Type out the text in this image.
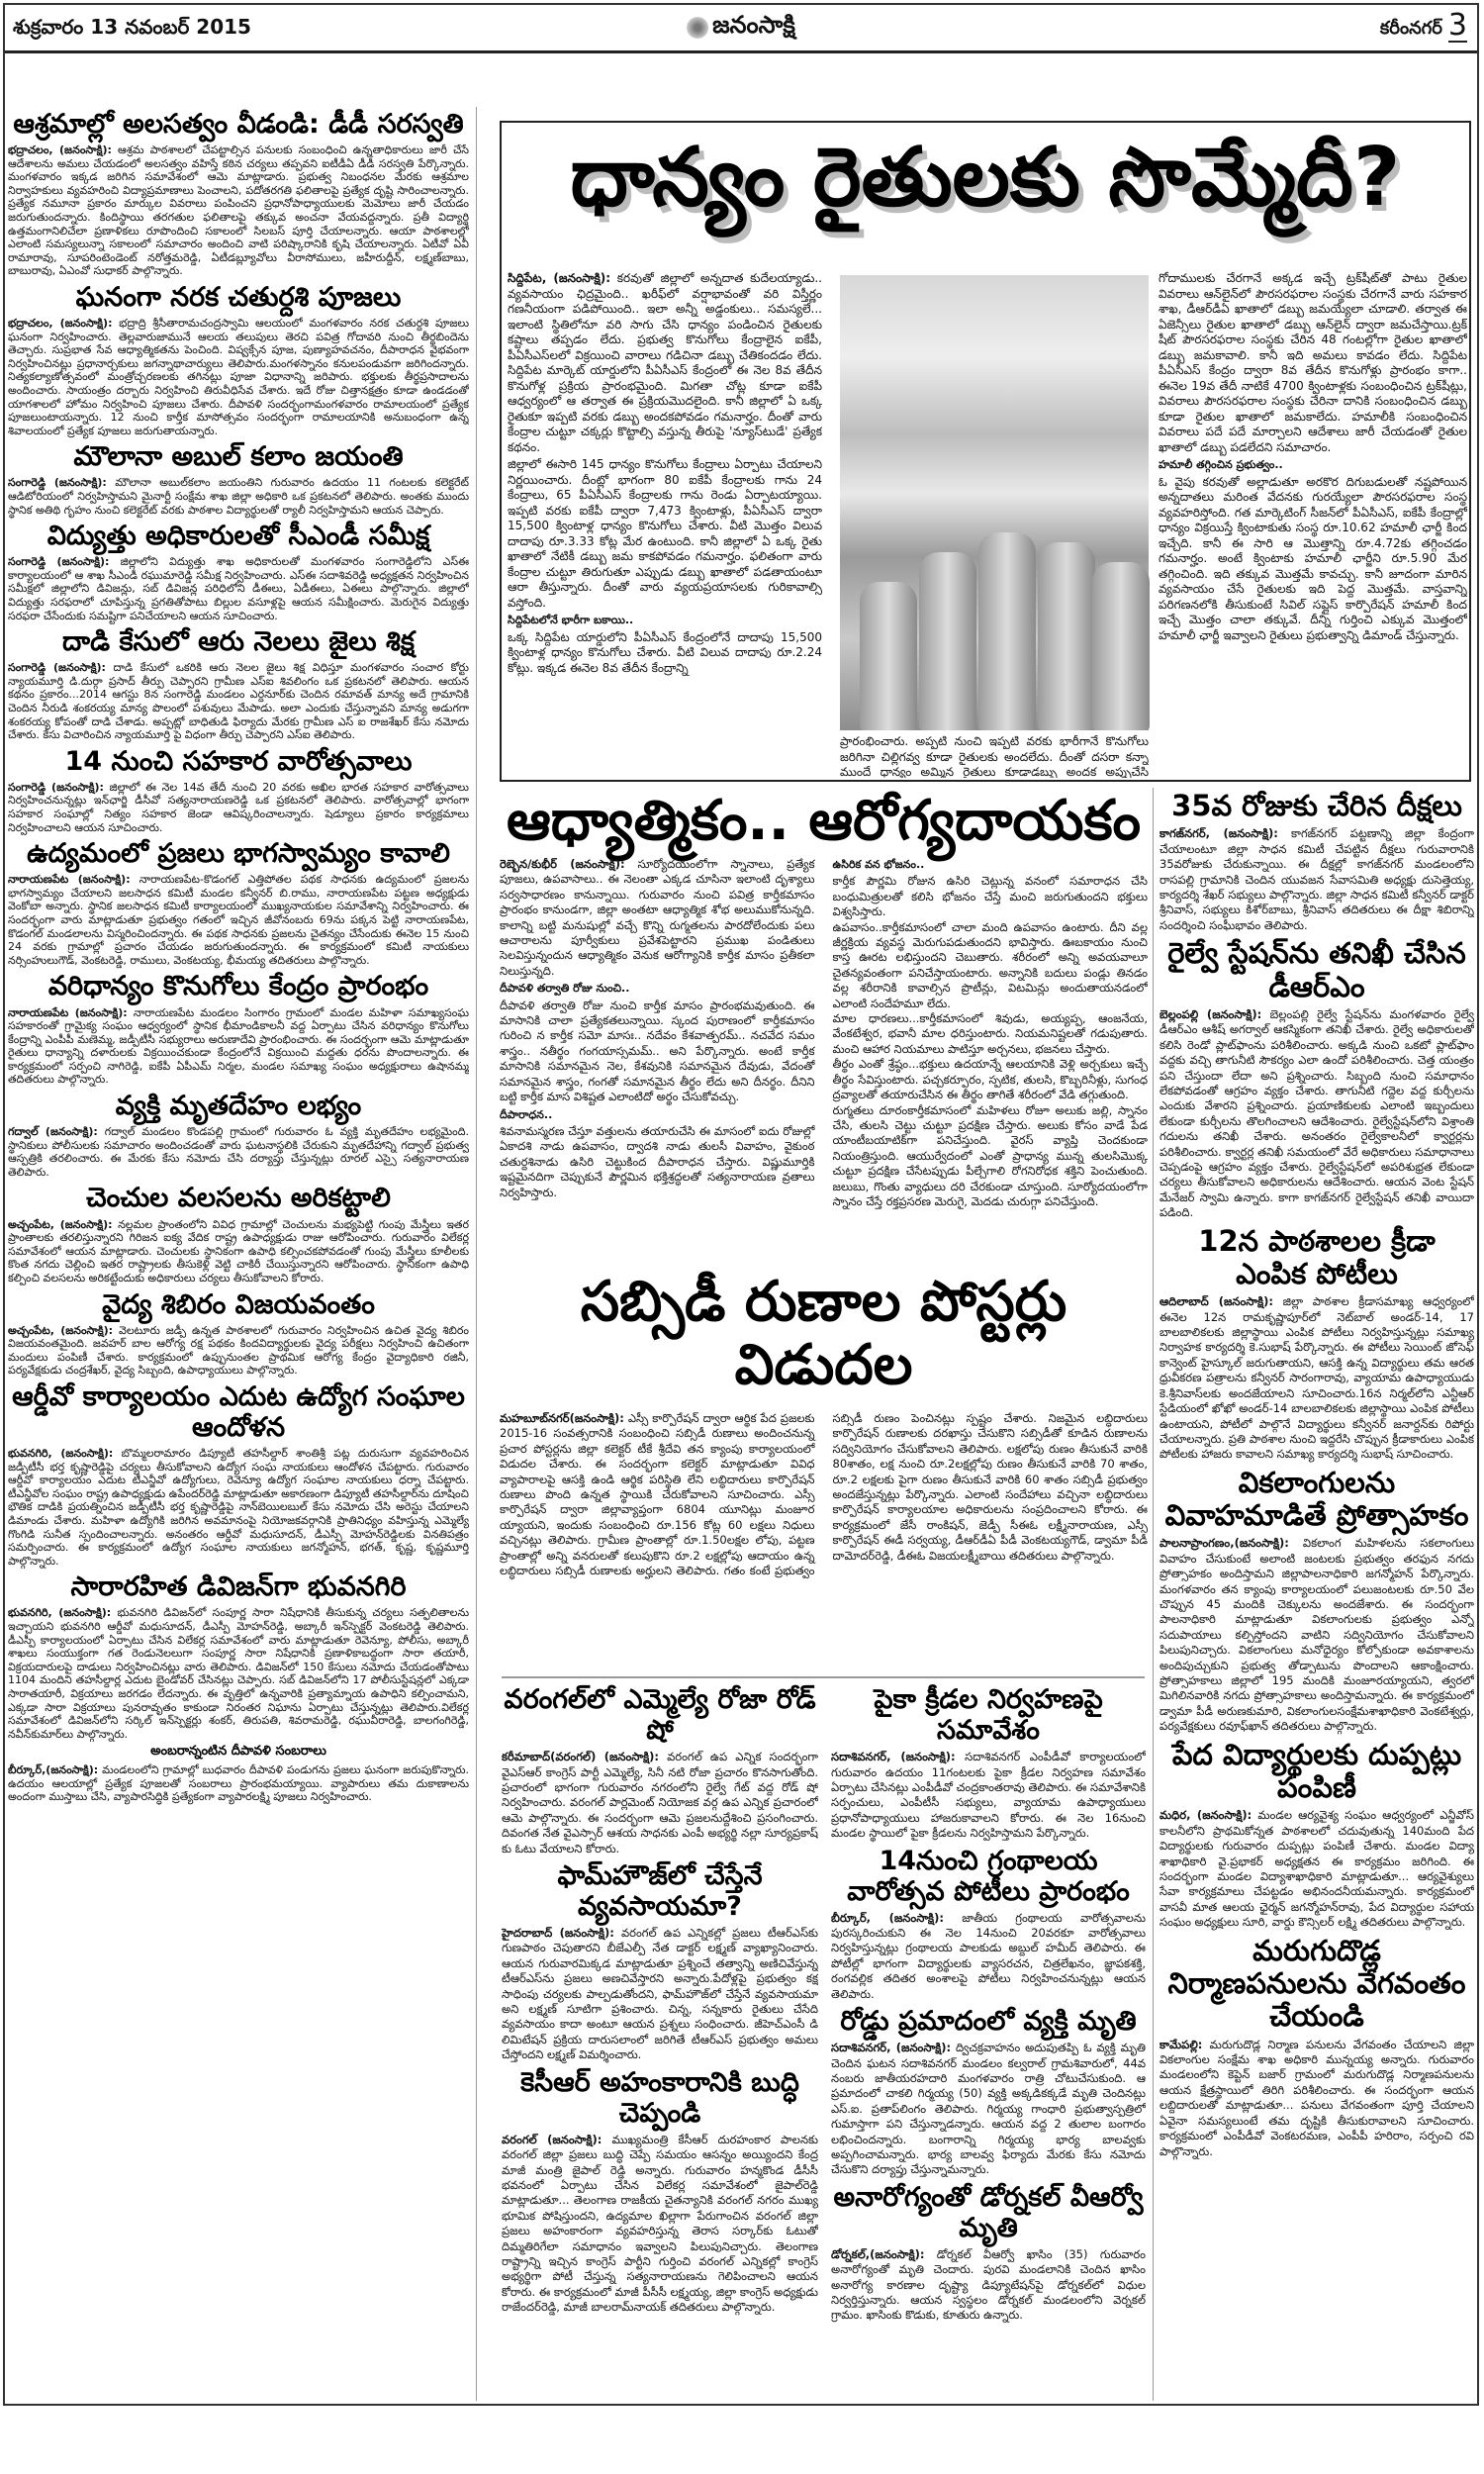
శుక్రవారం 13 నవంబర్ 2015	జనంసాక్షి	కరీంనగర్ 3
ఆశ్రమాల్లో అలసత్వం వీడండి: డీడీ సరస్వతి

భద్రాచలం, (జనంసాక్షి): ఆశ్రమ పాఠశాలలో చేపట్టాల్సిన పనులకు సంబంధించి ఉన్నతాధికారులు జారీ చేసే ఆదేశాలను అమలు చేయడంలో అలసత్వం వహిస్తే కఠిన చర్యలు తప్పవని ఐటీడీఏ డీడీ సరస్వతి పేర్కొన్నారు. మంగళవారం ఇక్కడ జరిగిన సమావేశంలో ఆమె మాట్లాడారు. ప్రభుత్వ నిబంధనల మేరకు ఆశ్రమాల నిర్వాహకులు వ్యవహరించి విద్యాప్రమాణాలు పెంచాలని, పదోతరగతి ఫలితాలపై ప్రత్యేక దృష్టి సారించాలన్నారు. ప్రత్యేక నమూనా ప్రకారం మార్కుల వివరాలు పంపించని ప్రధానోపాధ్యాయులకు మెమోలు జారీ చేయడం జరుగుతుందన్నారు. కిందిస్థాయి తరగతుల ఫలితాలపై తక్కువ అంచనా వేయవద్దన్నారు. ప్రతీ విద్యార్థి ఉత్తమంగానిలిచేలా ప్రణాళికలు రూపొందించి సకాలంలో సిలబస్ పూర్తి చేయాలన్నారు. ఆయా పాఠశాలల్లో ఎలాంటి సమస్యలున్నా సకాలంలో సమాచారం అందించి వాటి పరిష్కారానికి కృషి చేయాలన్నారు. ఏటీవో ఏవీ రామారావు, సూపరింటెండెంట్ నరోత్తమరెడ్డి, ఏటీడబ్ల్యూవోలు వీరాసోములు, జహీరుద్దీన్, లక్ష్మణ్‌బాబు, బాబురావు, ఏఎంవో సుధాకర్ పాల్గొన్నారు.

ఘనంగా నరక చతుర్దశి పూజలు

భద్రాచలం, (జనంసాక్షి): భద్రాద్రి శ్రీసీతారామచంద్రస్వామి ఆలయంలో మంగళవారం నరక చతుర్దశి పూజలు ఘనంగా నిర్వహించారు. తెల్లవారుజామునే ఆలయ తలుపులు తెరచి పవిత్ర గోదావరి నుంచి తీర్థబిందెను తెచ్చారు. సుప్రభాత సేవ ఆధ్యాత్మికతను పెంచింది. విష్వక్సేన పూజ, పుణ్యాహవచనం, దీపారాధన వైభవంగా నిర్వహించినట్లు ప్రధానార్చకులు జగన్నాథాచార్యులు తెలిపారు.మంగళస్నానం కనులపండువగా జరిగిందన్నారు. నిత్యకల్యాణోత్సవంలో మంత్రోచ్చరణలకు తగినట్లు పూజా విధానాన్ని జరిపారు. భక్తులకు తీర్థప్రసాదాలను అందించారు. సాయంత్రం దర్బారు నిర్వహించి తిరువీధిసేవ చేశారు. ఇదే రోజు చిత్తానక్షత్రం కూడా ఉండడంతో యాగశాలలో హోమం నిర్వహించి పూజలు చేశారు. దీపావళి సందర్భంగామంగళవారం రామాలయంలో ప్రత్యేక పూజలుంటాయన్నారు. 12 నుంచి కార్తీక మాసోత్సవం సందర్భంగా రామాలయానికి అనుబంధంగా ఉన్న శివాలయంలో ప్రత్యేక పూజలు జరుగుతాయన్నారు.

మౌలానా అబుల్ కలాం జయంతి

సంగారెడ్డి (జనంసాక్షి): మౌలానా అబుల్‌కలాం జయంతిని గురువారం ఉదయం 11 గంటలకు కలెక్టరేట్ ఆడిటోరియంలో నిర్వహిస్తామని మైనార్టీ సంక్షేమ శాఖ జిల్లా అధికారి ఒక ప్రకటనలో తెలిపారు. అంతకు ముందు స్థానిక అతిథి గృహం నుంచి కలెక్టరేట్ వరకు పాఠశాల విద్యార్థులతో ర్యాలీ నిర్వహిస్తామని ఆయన చెప్పారు.

విద్యుత్తు అధికారులతో సీఎండీ సమీక్ష

సంగారెడ్డి (జనంసాక్షి): జిల్లాలోని విద్యుత్తు శాఖ అధికారులతో మంగళవారం సంగారెడ్డిలోని ఎస్‌ఈ కార్యాలయంలో ఆ శాఖ సీఎండీ రఘుమారెడ్డి సమీక్ష నిర్వహించారు. ఎస్‌ఈ సదాశివరెడ్డి అధ్యక్షతన నిర్వహించిన సమీక్షలో జిల్లాలోని డివిజన్లు, సబ్ డివిజన్ల పరిధిలోని డీఈలు, ఏడీఈలు, ఏఈలు పాల్గొన్నారు. జిల్లాలో విద్యుత్తు సరఫరాలో చూపిస్తున్న ప్రగతితోపాటు బిల్లుల వసూళ్లపై ఆయన సమీక్షించారు. మెరుగైన విద్యుత్తు సరఫరా చేసేందుకు సమష్టిగా పనిచేయాలని ఆయన సూచించారు.

దాడి కేసులో ఆరు నెలలు జైలు శిక్ష

సంగారెడ్డి (జనంసాక్షి): దాడి కేసులో ఒకరికి ఆరు నెలల జైలు శిక్ష విధిస్తూ మంగళవారం సంచార కోర్టు న్యాయమూర్తి డి.దుర్గా ప్రసాద్ తీర్పు చెప్పారని గ్రామీణ ఎస్ఐ శివలింగం ఒక ప్రకటనలో తెలిపారు. ఆయన కథనం ప్రకారం...2014 ఆగస్టు 8న సంగారెడ్డి మండలం ఎర్దనూర్‌కు చెందిన రమావత్ మాన్య అదే గ్రామానికి చెందిన నీరుడి శంకరయ్య మాన్య పొలంలో పశువులు మేపాడు. అలా ఎందుకు చేస్తున్నావని మాన్య అడుగగా శంకరయ్య కోపంతో దాడి చేశాడు. అప్పట్లో బాధితుడి ఫిర్యాదు మేరకు గ్రామీణ ఎస్ ఐ రాజశేఖర్ కేసు నమోదు చేశారు. కేసు విచారించిన న్యాయమూర్తి పై విధంగా తీర్పు చెప్పారని ఎస్ఐ తెలిపారు.

14 నుంచి సహకార వారోత్సవాలు

సంగారెడ్డి (జనంసాక్షి): జిల్లాలో ఈ నెల 14వ తేదీ నుంచి 20 వరకు అఖిల భారత సహకార వారోత్సవాలు నిర్వహించనున్నట్లు ఇన్‌ఛార్జి డీసీవో సత్యనారాయణరెడ్డి ఒక ప్రకటనలో తెలిపారు. వారోత్సవాల్లో భాగంగా సహకార సంఘాల్లో నిత్యం సహకార జెండా ఆవిష్కరించాలన్నారు. షెడ్యూలు ప్రకారం కార్యక్రమాలు నిర్వహించాలని ఆయన సూచించారు.

ఉద్యమంలో ప్రజలు భాగస్వామ్యం కావాలి

నారాయణపేట (జనంసాక్షి): నారాయణపేట-కొడంగల్ ఎత్తిపోతల పథక సాధనకు ఉద్యమంలో ప్రజలను భాగస్వామ్యం చేయాలని జలసాధన కమిటీ మండల కన్వీనర్ బి.రాము, నారాయణపేట పట్టణ అధ్యక్షుడు వెంకోబా అన్నారు. స్థానిక జలసాధన కమిటీ కార్యాలయంలో ముఖ్యనాయకుల సమావేశాన్ని నిర్వహించారు. ఈ సందర్భంగా వారు మాట్లాడుతూ ప్రభుత్వం గతంలో ఇచ్చిన జీవోనంబరు 69ను పక్కన పెట్టి నారాయణపేట, కొడంగల్ మండలాలను విస్మరించిందన్నారు. ఈ పథక సాధనకు ప్రజలను చైతన్యం చేసేందుకు ఈనెల 15 నుంచి 24 వరకు గ్రామాల్లో ప్రచారం చేయడం జరుగుతుందన్నారు. ఈ కార్యక్రమంలో కమిటీ నాయకులు నర్సింహులుగౌడ్, వెంకటరెడ్డి, రాములు, వెంకటయ్య, భీమయ్య తదితరులు పాల్గొన్నారు.

వరిధాన్యం కొనుగోలు కేంద్రం ప్రారంభం

నారాయణపేట (జనంసాక్షి): నారాయణపేట మండలం సింగారం గ్రామంలో మండల మహిళా సమాఖ్యసంఘ సహకారంతో గ్రామైక్య సంఘం ఆధ్వర్యంలో స్థానిక భీమాండికాలనీ వద్ద ఏర్పాటు చేసిన వరిధాన్యం కొనుగోలు కేంద్రాన్ని ఎంపీపీ మణెమ్మ, జడ్పీటీసీ సభ్యురాలు అరుణాదేవి ప్రారంభించారు. ఈ సందర్భంగా ఆమె మాట్లాడుతూ రైతులు ధాన్యాన్ని దళారులకు విక్రయించకుండా కేంద్రంలోనే విక్రయించి మద్దతు ధరను పొందాలన్నారు. ఈ కార్యక్రమంలో సర్పంచి నాగిరెడ్డి, ఐకేపీ ఏపీఎమ్ నిర్మల, మండల సమాఖ్య సంఘం అధ్యక్షురాలు ఉషానమ్మ తదితరులు పాల్గొన్నారు.

వ్యక్తి మృతదేహం లభ్యం

గద్వాల్ (జనంసాక్షి): గద్వాల్ మండలం కొండపల్లి గ్రామంలో గురువారం ఓ వ్యక్తి మృతదేహం లభ్యమైంది. స్థానికులు పోలీసులకు సమాచారం అందించడంతో వారు ఘటనాస్థలికి చేరుకుని మృతదేహాన్ని గద్వాల్ ప్రభుత్వ ఆస్పత్రికి తరలించారు. ఈ మేరకు కేసు నమోదు చేసి దర్యాప్తు చేస్తున్నట్లు రూరల్ ఎస్సై సత్యనారాయణ తెలిపారు.

చెంచుల వలసలను అరికట్టాలి

అచ్చంపేట, (జనంసాక్షి): నల్లమల ప్రాంతంలోని వివిధ గ్రామాల్లో చెంచులను మభ్యపెట్టి గుంపు మేస్త్రీలు ఇతర ప్రాంతాలకు తరలిస్తున్నారని గిరిజన ఐక్య వేదిక రాష్ట్ర ఉపాధ్యక్షుడు రాజు ఆరోపించారు. గురువారం విలేకర్ల సమావేశంలో ఆయన మాట్లాడారు. చెంచులకు స్థానికంగా ఉపాధి కల్పించకపోవడంతో గుంపు మేస్త్రీలు కూలీలకు కొంత నగదు చెల్లించి ఇతర రాష్ట్రాలకు తీసుకెళ్లి వెట్టి చాకిరీ చేయిస్తున్నారని ఆరోపించారు. స్థానికంగా ఉపాధి కల్పించి వలసలను అరికట్టేందుకు అధికారులు చర్యలు తీసుకోవాలని కోరారు.

వైద్య శిబిరం విజయవంతం

అచ్చంపేట, (జనంసాక్షి): వెలటూరు జడ్పీ ఉన్నత పాఠశాలలో గురువారం నిర్వహించిన ఉచిత వైద్య శిబిరం విజయవంతమైంది. జవహర్ బాల ఆరోగ్య రక్ష పథకం కిందవిద్యార్థులకు వైద్య పరీక్షలు నిర్వహించి ఉచితంగా మందులు పంపిణీ చేశారు. కార్యక్రమంలో ఉప్పునుంతల ప్రాథమిక ఆరోగ్య కేంద్రం వైద్యాధికారి రజినీ, పర్యవేక్షకుడు చంద్రశేఖర్, వైద్య సిబ్బంది, ఉపాధ్యాయులు పాల్గొన్నారు.

ఆర్డీవో కార్యాలయం ఎదుట ఉద్యోగ సంఘాల ఆందోళన

భువనగిరి, (జనంసాక్షి): బొమ్మలరామారం డిప్యూటీ తహసీల్దార్ శాంతిశ్రీ పట్ల దురుసుగా వ్యవహరించిన జడ్పీటీసీ భర్త కృష్ణారెడ్డిపై చర్యలు తీసుకోవాలని ఉద్యోగ సంఘ నాయకులు ఆందోళన చేపట్టారు. గురువారం ఆర్డీవో కార్యాలయం ఎదుట టీఎన్జీవో ఉద్యోగులు, రెవెన్యూ ఉద్యోగ సంఘాల నాయకులు ధర్నా చేపట్టారు. టీఎన్జీవోల సంఘం రాష్ట్ర ఉపాధ్యక్షుడు ఉపేందర్‌రెడ్డి మాట్లాడుతూ అకారణంగా డిప్యూటీ తహసీల్దార్‌ను దూషించి భౌతిక దాడికి ప్రయత్నించిన జడ్పీటీసీ భర్త కృష్ణారెడ్డిపై నాన్‌బెయిలబుల్ కేసు నమోదు చేసి అరెస్టు చేయాలని డిమాండు చేశారు. మహిళా ఉద్యోగికి జరిగిన అవమానంపై నియోజకవర్గానికి ప్రాతినిధ్యం వహిస్తున్న ఎమ్మెల్యే గొంగిడి సునీత స్పందించాలన్నారు. అనంతరం ఆర్డీవో మధుసూదన్, డీఎస్పీ మోహన్‌రెడ్డిలకు వినతిపత్రం సమర్పించారు. ఈ కార్యక్రమంలో ఉద్యోగ సంఘాల నాయకులు జగన్మోహన్, భగత్, కృష్ణ, కృష్ణమూర్తి పాల్గొన్నారు.

సారారహిత డివిజన్‌గా భువనగిరి

భువనగిరి, (జనంసాక్షి): భువనగిరి డివిజన్‌లో సంపూర్ణ సారా నిషేధానికి తీసుకున్న చర్యలు సత్ఫలితాలను ఇచ్చాయని భువనగిరి ఆర్డీవో మధుసూదన్, డీఎస్పీ మోహన్‌రెడ్డి, అబ్కారీ ఇన్‌స్పెక్టర్ వెంకటరెడ్డి తెలిపారు. డీఎస్పీ కార్యాలయంలో ఏర్పాటు చేసిన విలేకర్ల సమావేశంలో వారు మాట్లాడుతూ రెవెన్యూ, పోలీసు, అబ్కారీ శాఖలు సంయుక్తంగా గత రెండునెలలుగా సంపూర్ణ సారా నిషేధానికి ప్రణాళికాబద్ధంగా సారా తయారీ, విక్రయదారులపై దాడులు నిర్వహించినట్లు వారు తెలిపారు. డివిజన్‌లో 150 కేసులు నమోదు చేయడంతోపాటు 1104 మందిని తహసీల్దార్ల ఎదుట బైండోవర్ చేసినట్లు చెప్పారు. సబ్ డివిజన్‌లోని 17 పోలీసుస్టేషన్లలో ఎక్కడా సారాతయారీ, విక్రయాలు జరగడం లేదన్నారు. ఈ వృత్తిలో ఉన్నవారికి ప్రత్యామ్నాయ ఉపాధిని కల్పించామని, ఎక్కడా సారా విక్రయాలు పునరావృతం కాకుండా నిరంతర నిఘాను ఏర్పాటు చేస్తున్నట్లు తెలిపారు.విలేకర్ల సమావేశంలో డివిజన్‌లోని సర్కిల్ ఇన్‌స్పెక్టర్లు శంకర్, తిరుపతి, శివరామరెడ్డి, రఘువీరారెడ్డి, బాలగంగిరెడ్డి, నవీన్‌కుమార్‌లు పాల్గొన్నారు.

అంబరాన్నంటిన దీపావళి సంబరాలు

బీర్కూర్,(జనంసాక్షి): మండలంలోని గ్రామాల్లో బుధవారం దీపావళి పండుగను ప్రజలు ఘనంగా జరుపుకొన్నారు. ఉదయం ఆలయాల్లో ప్రత్యేక పూజలతో సంబరాలు ప్రారంభమయ్యాయి. వ్యాపారులు తమ దుకాణాలను అందంగా ముస్తాబు చేసి, వ్యాపారసిద్ధికి ప్రత్యేకంగా వ్యాపారలక్ష్మి పూజలు నిర్వహించారు.

ధాన్యం రైతులకు సొమ్మేదీ?

సిద్దిపేట, (జనంసాక్షి): కరవుతో జిల్లాలో అన్నదాత కుదేలయ్యాడు.. వ్యవసాయం ఛిద్రమైంది.. ఖరీఫ్‌లో వర్షాభావంతో వరి విస్తీర్ణం గణనీయంగా పడిపోయింది.. ఇలా అన్నీ అడ్డంకులు.. సమస్యలే... ఇలాంటి స్థితిలోనూ వరి సాగు చేసి ధాన్యం పండించిన రైతులకు కష్టాలు తప్పడం లేదు. ప్రభుత్వ కొనుగోలు కేంద్రాలైన ఐకేపీ, పీఏసీఎస్‌లలో విక్రయించి వారాలు గడిచినా డబ్బు చేతికందడం లేదు. సిద్దిపేట మార్కెట్ యార్డులోని పీఏసీఎస్ కేంద్రంలో ఈ నెల 8వ తేదీన కొనుగోళ్ల ప్రక్రియ ప్రారంభమైంది. మిగతా చోట్ల కూడా ఐకేపీ ఆధ్వర్యంలో ఆ తర్వాత ఈ ప్రక్రియమొదలైంది. కానీ జిల్లాలో ఏ ఒక్క రైతుకూ ఇప్పటి వరకు డబ్బు అందకపోవడం గమనార్హం. దీంతో వారు కేంద్రాల చుట్టూ చక్కర్లు కొట్టాల్సి వస్తున్న తీరుపై 'న్యూస్‌టుడే' ప్రత్యేక కథనం.

జిల్లాలో ఈసారి 145 ధాన్యం కొనుగోలు కేంద్రాలు ఏర్పాటు చేయాలని నిర్ణయించారు. దీంట్లో భాగంగా 80 ఐకేపీ కేంద్రాలకు గాను 24 కేంద్రాలు, 65 పీఏసీఎస్ కేంద్రాలకు గాను రెండు ఏర్పాటయ్యాయి. ఇప్పటి వరకు ఐకేపీ ద్వారా 7,473 క్వింటాళ్లు, పీఏసీఎస్ ద్వారా 15,500 క్వింటాళ్ల ధాన్యం కొనుగోలు చేశారు. వీటి మొత్తం విలువ దాదాపు రూ.3.33 కోట్ల మేర ఉంటుంది. కానీ జిల్లాలో ఏ ఒక్క రైతు ఖాతాలో నేటికీ డబ్బు జమ కాకపోవడం గమనార్హం. ఫలితంగా వారు కేంద్రాల చుట్టూ తిరుగుతూ ఎప్పుడు డబ్బు ఖాతాలో పడతాయంటూ ఆరా తీస్తున్నారు. దీంతో వారు వ్యయప్రయాసలకు గురికావాల్సి వస్తోంది.

సిద్దిపేటలోనే భారీగా బకాయి..

ఒక్క సిద్దిపేట యార్డులోని పీఏసీఎస్ కేంద్రంలోనే దాదాపు 15,500 క్వింటాళ్ల ధాన్యం కొనుగోలు చేశారు. వీటి విలువ దాదాపు రూ.2.24 కోట్లు. ఇక్కడ ఈనెల 8వ తేదీన కేంద్రాన్ని

ప్రారంభించారు. అప్పటి నుంచి ఇప్పటి వరకు భారీగానే కొనుగోలు జరిగినా చిల్లిగవ్వ కూడా రైతులకు అందలేదు. దీంతో దసరా కన్నా ముందే ధాన్యం అమ్మిన రైతులు కూడాడబ్బు అందక అప్పుచేసి

గోదాములకు చేరగానే అక్కడ ఇచ్చే ట్రక్‌షీట్‌తో పాటు రైతుల వివరాలు ఆన్‌లైన్‌లో పౌరసరఫరాల సంస్థకు చేరగానే వారు సహకార శాఖ, డీఆర్‌డీఏ ఖాతాలో డబ్బు జమయ్యేలా చూడాలి. తర్వాత ఈ ఏజెన్సీలు రైతుల ఖాతాలో డబ్బు ఆన్‌లైన్ ద్వారా జమచేస్తాయి.ట్రక్ షీట్ పౌరసరఫరాల సంస్థకు చేరిన 48 గంటల్లోగా రైతుల ఖాతాలో డబ్బు జమకావాలి. కానీ ఇది అమలు కావడం లేదు. సిద్దిపేట పీఏసీఎస్ కేంద్రం ద్వారా 8వ తేదీన కొనుగోళ్లు ప్రారంభం కాగా.. ఈనెల 19వ తేదీ నాటికే 4700 క్వింటాళ్లకు సంబంధించిన ట్రక్‌షీట్లు, వివరాలు పౌరసరఫరాల సంస్థకు చేరినా దానికి సంబంధించిన డబ్బు కూడా రైతుల ఖాతాలో జమకాలేదు. హమాలీకి సంబంధించిన వివరాలు పదే పదే మార్చాలని ఆదేశాలు జారీ చేయడంతో రైతుల ఖాతాలో డబ్బు పడలేదని సమాచారం.

హమాలీ తగ్గించిన ప్రభుత్వం..

ఓ వైపు కరవుతో అల్లాడుతూ అరకొర దిగుబడులతో నష్టపోయిన అన్నదాతలు మరింత వేదనకు గురయ్యేలా పౌరసరఫరాల సంస్థ వ్యవహరిస్తోంది. గత మార్కెటింగ్ సీజన్‌లో పీఏసీఎస్, ఐకేపీ కేంద్రాల్లో ధాన్యం విక్రయిస్తే క్వింటాకుతు సంస్థ రూ.10.62 హమాలీ ఛార్జీ కింద ఇచ్చేది. కానీ ఈ సారి ఆ మొత్తాన్ని రూ.4.72కు తగ్గించడం గమనార్హం. అంటే క్వింటాకు హమాలీ ఛార్జీని రూ.5.90 మేర తగ్గించింది. ఇది తక్కువ మొత్తమే కావచ్చు. కానీ జూదంగా మారిన వ్యవసాయం చేసే రైతులకు ఇది పెద్ద మొత్తమే. వాస్తవాన్ని పరిగణనలోకి తీసుకుంటే సివిల్ సప్లైస్ కార్పొరేషన్ హమాలీ కింద ఇచ్చే మొత్తం చాలా తక్కువే. దీన్ని గుర్తించి ఎక్కువ మొత్తంలో హమాలీ ఛార్జీ ఇవ్వాలని రైతులు ప్రభుత్వాన్ని డిమాండ్ చేస్తున్నారు.

ఆధ్యాత్మికం.. ఆరోగ్యదాయకం

రెబ్బెన/కుభీర్ (జనంసాక్షి): సూర్యోదయంలోగా స్నానాలు, ప్రత్యేక పూజలు, ఉపవాసాలు.. ఈ నెలంతా ఎక్కడ చూసినా ఇలాంటి దృశ్యాలు సర్వసాధారణం కానున్నాయి. గురువారం నుంచి పవిత్ర కార్తీకమాసం ప్రారంభం కానుండగా, జిల్లా అంతటా ఆధ్యాత్మిక శోభ అలుముకోనున్నది. కాలాన్ని బట్టి మనుషుల్లో వచ్చే కొన్ని రుగ్మతలను పారదోలేందుకు పలు ఆచారాలను పూర్వీకులు ప్రవేశపెట్టారని ప్రముఖ పండితులు సెలవిస్తున్నందున ఆధ్యాత్మికం వెనుక ఆరోగ్యానికి కార్తీక మాసం ప్రతీకలా నిలుస్తున్నది.

దీపావళి తర్వాతి రోజు నుంచి..

దీపావళి తర్వాతి రోజు నుంచి కార్తీక మాసం ప్రారంభమవుతుంది. ఈ మాసానికి చాలా ప్రత్యేకతలున్నాయి. స్కంద పురాణంలో కార్తీకమాసం గురించి న కార్తీక సమో మాసః.. నదేవం కేశవాత్పరమ్.. నచవేద సమం శాస్త్రం.. నతీర్థం గంగయాస్సమమ్.. అని పేర్కొన్నారు. అంటే కార్తీక మాసానికి సమానమైన నెల, కేశవునికి సమానమైన దేవుడు, వేదంతో సమానమైన శాస్త్రం, గంగతో సమానమైన తీర్థం లేదు అని దీనర్థం. దీనిని బట్టి కార్తీక మాస విశిష్టత ఎలాంటిదో అర్థం చేసుకోవచ్చు.

దీపారాధన..

శివనామస్మరణ చేస్తూ వత్తులను తయారుచేసి ఈ మాసంలో ఐదు రోజుల్లో ఏకాదశి నాడు ఉపవాసం, ద్వాదశి నాడు తులసీ వివాహం, వైకుంఠ చతుర్దశినాడు ఉసిరి చెట్టుకింద దీపారాధన చేస్తారు. విష్ణుమూర్తికి ఇష్టమైనదిగా చెప్పుకునే పౌర్ణమిన భక్తిశ్రద్ధలతో సత్యనారాయణ వ్రతాలు నిర్వహిస్తారు.

ఉసిరిక వన భోజనం..

కార్తీక పౌర్ణమి రోజున ఉసిరి చెట్లున్న వనంలో సమారాధన చేసి బంధుమిత్రులతో కలిసి భోజనం చేస్తే మంచి జరుగుతుందని భక్తులు విశ్వసిస్తారు.

ఉపవాసం..కార్తీకమాసంలో చాలా మంది ఉపవాసం ఉంటారు. దీని వల్ల జీర్ణక్రియ వ్యవస్థ మెరుగుపడుతుందని భావిస్తారు. ఊబకాయం నుంచి కాస్త ఊరట లభిస్తుందని చెబుతారు. శరీరంలో అన్ని అవయవాలూ చైతన్యవంతంగా పనిచేస్తాయంటారు. అన్నానికి బదులు పండ్లు తినడం వల్ల శరీరానికి కావాల్సిన ప్రొటీన్లు, విటమిన్లు అందుతాయనడంలో ఎలాంటి సందేహమూ లేదు.

మాల ధారణలు...కార్తీకమాసంలో శివుడు, అయ్యప్ప, ఆంజనేయ, వేంకటేశ్వర, భవానీ మాల ధరిస్తుంటారు. నియమనిష్టలతో గడుపుతారు. మంచి ఆహార నియమాలు పాటిస్తూ అర్చనలు, భజనలు చేస్తారు.

తీర్థం ఎంతో శ్రేష్ఠం...భక్తులు ఉదయాన్నే ఆలయానికి వెళ్లి అర్చకులు ఇచ్చే తీర్థం సేవిస్తుంటారు. పచ్చకర్పూరం, స్పటిక, తులసి, కొబ్బరినీళ్లు, సుగంధ ద్రవ్యాలతో తయారుచేసిన ఈ తీర్థం తాగితే శరీరంలో వేడి తగ్గుతుంది.

రుగ్మతలు దూరంకార్తీకమాసంలో మహిళలు రోజూ అలుకు జల్లి, స్నానం చేసి, తులసి చెట్టు చుట్టూ ప్రదక్షిణ చేస్తారు. అలుకు కోసం వాడే పేడ యాంటీబయాటిక్‌గా పనిచేస్తుంది. వైరస్ వ్యాప్తి చెందకుండా నియంత్రిస్తుంది. ఆయుర్వేదంలో ఎంతో ప్రాధాన్య మున్న తులసిమొక్క చుట్టూ ప్రదక్షిణ చేసేటప్పుడు పీల్చేగాలి రోగనిరోధక శక్తిని పెంచుతుంది. జలుబు, గొంతు వ్యాధులు దరి చేరకుండా చూస్తుంది. సూర్యోదయంలోగా స్నానం చేస్తే రక్తప్రసరణ మెరుగై, మెదడు చురుగ్గా పనిచేస్తుంది.

సబ్సిడీ రుణాల పోస్టర్లు విడుదల

మహబూబ్‌నగర్(జనంసాక్షి): ఎస్సీ కార్పొరేషన్ ద్వారా ఆర్థిక పేద ప్రజలకు 2015-16 సంవత్సరానికి సంబంధించి సబ్సిడీ రుణాలు అందించనున్న ప్రచార పోస్టర్లను జిల్లా కలెక్టర్ టీకే శ్రీదేవి తన క్యాంపు కార్యాలయంలో విడుదల చేశారు. ఈ సందర్భంగా కలెక్టర్ మాట్లాడుతూ వివిధ వ్యాపారాలపై ఆసక్తి ఉండి ఆర్థిక పరిస్థితి లేని లబ్ధిదారులు కార్పొరేషన్ రుణాలు పొంది ఉన్నత స్థాయికి చేరుకోవాలని సూచించారు. ఎస్సీ కార్పొరేషన్ ద్వారా జిల్లావ్యాప్తంగా 6804 యూనిట్లు మంజూర య్యాయని, ఇందుకు సంబంధించి రూ.156 కోట్ల 60 లక్షలు నిధులు వచ్చినట్లు తెలిపారు. గ్రామీణ ప్రాంతాల్లో రూ.1.50లక్షల లోపు, పట్టణ ప్రాంతాల్లో అన్ని వనరులతో కలుపుకొని రూ.2 లక్షల్లోపు ఆదాయం ఉన్న లబ్ధిదారులు సబ్సిడీ రుణాలకు అర్హులని తెలిపారు. గతం కంటే ప్రభుత్వం సబ్సిడీ రుణం పెంచినట్లు స్పష్టం చేశారు. నిజమైన లబ్ధిదారులు కార్పొరేషన్ రుణాలకు దరఖాస్తు చేసుకొని సబ్సిడీతో కూడిన రుణాలను సద్వినియోగం చేసుకోవాలని తెలిపారు. లక్షలోపు రుణం తీసుకునే వారికి 80శాతం, లక్ష నుంచి రూ.2లక్షల్లోపు రుణం తీసుకునే వారికి 70 శాతం, రూ.2 లక్షలకు పైగా రుణం తీసుకునే వారికి 60 శాతం సబ్సిడీ ప్రభుత్వం అందజేస్తున్నట్లు పేర్కొన్నారు. ఎలాంటి సందేహాలు వచ్చినా లబ్ధిదారులు కార్పొరేషన్ కార్యాలయాల అధికారులను సంప్రదించాలని కోరారు. ఈ కార్యక్రమంలో జేసీ రాంకిషన్, జెడ్పీ సీఈఓ లక్ష్మీనారాయణ, ఎస్సీ కార్పొరేషన్ ఈడీ సర్వయ్య, డీఆర్‌డీఏ పీడీ వెంకటయ్యగౌడ్, డ్వామా పీడీ దామోదర్‌రెడ్డి, డీఈఓ విజయలక్ష్మీబాయి తదితరులు పాల్గొన్నారు.

వరంగల్‌లో ఎమ్మెల్యే రోజా రోడ్ షో

కరీమాబాద్(వరంగల్) (జనంసాక్షి): వరంగల్ ఉప ఎన్నిక సందర్భంగా వైఎస్ఆర్ కాంగ్రెస్ పార్టీ ఎమ్మెల్యే, సినీ నటి రోజా ప్రచారం కొనసాగుతోంది. ప్రచారంలో భాగంగా గురువారం నగరంలోని రైల్వే గేట్ వద్ద రోడ్ షో నిర్వహించారు. వరంగల్ పార్లమెంట్ నియోజక వర్గ ఉప ఎన్నిక ప్రచారంలో ఆమె పాల్గొన్నారు. ఈ సందర్భంగా ఆమె ప్రజలనుద్దేశించి ప్రసంగించారు. దివంగత నేత వైఎస్సార్ ఆశయ సాధనకు ఎంపీ అభ్యర్థి నల్లా సూర్యప్రకాష్ కు ఓటు వేయాలని కోరారు.

ఫామ్‌హౌజ్‌లో చేస్తేనే వ్యవసాయమా?

హైదరాబాద్ (జనంసాక్షి): వరంగల్ ఉప ఎన్నికల్లో ప్రజలు టీఆర్ఎస్‌కు గుణపాఠం చెపుతారని బీజేఎల్పీ నేత డాక్టర్ లక్ష్మణ్ వ్యాఖ్యానించారు. ఆయన గురువారమిక్కడ మాట్లాడుతూ ప్రశ్నించే తత్వాన్ని అణిచివేస్తున్న టీఆర్ఎస్‌ను ప్రజలు అణచివేస్తారని అన్నారు.పేదోళ్లపై ప్రభుత్వం కక్ష సాధింపు చర్యలకు పాల్పడుతోందని, ఫామ్‌హౌజ్‌లో చేస్తేనే వ్యవసాయమా అని లక్ష్మణ్ సూటిగా ప్రశించారు. చిన్న, సన్నకారు రైతులు చేసేది వ్యవసాయం కాదా అంటూ ఆయన ప్రశ్నలు సంధించారు. జీహెచ్ఎంసీ డి లిమిటేషన్ ప్రక్రియ దారుసలాంలో జరిగితే టీఆర్ఎస్ ప్రభుత్వం అమలు చేస్తోందని లక్ష్మణ్ విమర్శించారు.

కెసీఆర్ అహంకారానికి బుద్ధి చెప్పండి

వరంగల్ (జనంసాక్షి): ముఖ్యమంత్రి కేసీఆర్ దురహంకార పాలనకు వరంగల్ జిల్లా ప్రజలు బుద్ధి చెప్పే సమయం ఆసన్నం అయ్యిందని కేంద్ర మాజీ మంత్రి జైపాల్ రెడ్డి అన్నారు. గురువారం హన్మకొండ డీసీసీ భవనంలో ఏర్పాటు చేసిన విలేకర్ల సమావేశంలో జైపాల్‌రెడ్డి మాట్లాడుతూ... తెలంగాణ రాజకీయ చైతన్యానికి వరంగల్ నగరం ముఖ్య భూమిక పోషిస్తుందని, ఉద్యమాల ఖిల్లాగా పేరుగాంచిన వరంగల్ జిల్లా ప్రజలు అహంకారంగా వ్యవహరిస్తున్న తెరాస సర్కార్‌కు ఓటుతో దిమ్మతిరిగేలా సమాధానం ఇవ్వాలని పిలుపునిచ్చారు. తెలంగాణ రాష్ట్రాన్ని ఇచ్చిన కాంగ్రెస్ పార్టీని గుర్తించి వరంగల్ ఎన్నికల్లో కాంగ్రెస్ అభ్యర్థిగా పోటీ చేస్తున్న సత్యనారాయణను గెలిపించాలని ఆయన కోరారు. ఈ కార్యక్రమంలో మాజీ పీసీసీ లక్ష్మయ్య, జిల్లా కాంగ్రెస్ అధ్యక్షుడు రాజేందర్‌రెడ్డి, మాజీ బాలరామ్‌నాయక్ తదితరులు పాల్గొన్నారు.

పైకా క్రీడల నిర్వహణపై సమావేశం

సదాశివనగర్, (జనంసాక్షి): సదాశివనగర్ ఎంపీడీవో కార్యాలయంలో గురువారం ఉదయం 11గంటలకు పైకా క్రీడల నిర్వహణ సమావేశం ఏర్పాటు చేసినట్లు ఎంపీడీవో చంద్రకాంతరావు తెలిపారు. ఈ సమావేశానికి సర్పంచులు, ఎంపీటీసీ సభ్యులు, వ్యాయామ ఉపాధ్యాయులు ప్రధానోపాధ్యాయులు హాజరుకావాలని కోరారు. ఈ నెల 16నుంచి మండల స్థాయిలో పైకా క్రీడలను నిర్వహిస్తామని పేర్కొన్నారు.

14నుంచి గ్రంథాలయ వారోత్సవ పోటీలు ప్రారంభం

బీర్కూర్, (జనంసాక్షి): జాతీయ గ్రంథాలయ వారోత్సవాలను పురస్కరించుకుని ఈ నెల 14నుంచి 20వరకూ వారోత్సవాలు నిర్వహిస్తున్నట్లు గ్రంథాలయ పాలకుడు అబ్దుల్ హమీద్ తెలిపారు. ఈ పోటీల్లో భాగంగా విద్యార్థులకు వ్యాసరచన, చిత్రలేఖనం, జ్ఞాపకశక్తి, రంగవల్లిక తదితర అంశాలపై పోటీలు నిర్వహించనున్నట్లు ఆయన తెలిపారు.

రోడ్డు ప్రమాదంలో వ్యక్తి మృతి

సదాశివనగర్, (జనంసాక్షి): ద్విచక్రవాహనం అదుపుతప్పి ఓ వ్యక్తి మృతి చెందిన ఘటన సదాశివనగర్ మండలం కల్వరాల్ గ్రామశివారులో, 44వ నంబరు జాతీయరహదారి మంగళవారం రాత్రి చోటుచేసుకుంది. ఆ ప్రమాదంలో చాకలి గిర్మయ్య (50) వ్యక్తి అక్కడికక్కడే మృతి చెందినట్లు ఎస్.ఐ. ప్రతాప్‌లింగం తెలిపారు. గిర్మయ్య గాంధారి ప్రభుత్వాస్పత్రిలో గుమాస్తాగా పని చేస్తున్నాడన్నారు. ఆయన వద్ద 2 తులాల బంగారం లభించిందన్నారు. బంగారాన్ని గిర్మయ్య భార్య బాలవ్వకు అప్పగించామన్నారు. భార్య బాలవ్వ ఫిర్యాదు మేరకు కేసు నమోదు చేసుకొని దర్యాప్తు చేస్తున్నామన్నారు.

అనారోగ్యంతో డోర్నకల్ వీఆర్వో మృతి

డోర్నకల్,(జనంసాక్షి): డోర్నకల్ వీఆర్వో ఖాసిం (35) గురువారం అనారోగ్యంతో మృతి చెందారు. పురవి మండలానికి చెందిన ఖాసిం అనారోగ్య కారణాల దృష్ట్యా డిప్యూటేషన్‌పై డోర్నకల్‌లో విధుల నిర్వర్తిస్తున్నారు. ఆయన స్వస్థలం డోర్నకల్ మండలంలోని వెర్నకల్ గ్రామం. ఖాసింకు కొడుకు, కూతురు ఉన్నారు.

35వ రోజుకు చేరిన దీక్షలు

కాగజ్‌నగర్, (జనంసాక్షి): కాగజ్‌నగర్ పట్టణాన్ని జిల్లా కేంద్రంగా చేయాలంటూ జిల్లా సాధన కమిటీ చేపట్టిన దీక్షలు గురువారానికి 35వరోజుకు చేరుకున్నాయి. ఈ దీక్షల్లో కాగజ్‌నగర్ మండలంలోని రాసపల్లి గ్రామానికి చెందిన యువజన సేవాసమితి అధ్యక్షు దుసెత్తెయ్య, కార్యదర్శి శేఖర్ సభ్యులు పాల్గొన్నారు. జిల్లా సాధన కమిటీ కన్వీనర్ డాక్టర్ శ్రీనివాస్, సభ్యులు కిశోర్‌బాబు, శ్రీనివాస్ తదితరులు ఈ దీక్షా శిబిరాన్ని సందర్శించి సంఘీభావం తెలిపారు.

రైల్వే స్టేషన్‌ను తనిఖీ చేసిన డీఆర్ఎం

బెల్లంపల్లి (జనంసాక్షి): బెల్లంపల్లి రైల్వే స్టేషన్‌ను మంగళవారం రైల్వే డీఆర్ఎం ఆశీష్ అగర్వాల్ ఆకస్మికంగా తనిఖీ చేశారు. రైల్వే అధికారులతో కలిసి రెండో ప్లాట్‌ఫాంను పరిశీలించారు. అక్కడి నుంచి ఒకటో ప్లాట్‌ఫాం వద్దకు వచ్చి తాగునీటి సౌకర్యం ఎలా ఉందో పరిశీలించారు. చెత్త యంత్రం పని చేస్తుందా లేదా అని ప్రశ్నించారు. సిబ్బంది నుంచి సమాధానం లేకపోవడంతో ఆగ్రహం వ్యక్తం చేశారు. తాగునీటి గద్దెల వద్ద కుర్చీలను ఎందుకు వేశారని ప్రశ్నించారు. ప్రయాణికులకు ఎలాంటి ఇబ్బందులు లేకుండా కుర్చీలను తొలగించాలని ఆదేశించారు. రైల్వేస్టేషన్‌లోని విశ్రాంతి గదులను తనిఖీ చేశారు. అనంతరం రైల్వేకాలనీలో క్వార్టర్లను పరిశీలించారు. క్వార్టర్ల తనిఖీ సమయంలో వేరే అధికారులు సమాధానాలు చెప్పడంపై ఆగ్రహం వ్యక్తం చేశారు. రైల్వేస్టేషన్‌లో అపరిశుభ్రత లేకుండా చర్యలు తీసుకోవాలని అధికారులను ఆదేశించారు. ఆయన వెంట స్టేషన్ మేనేజర్ స్వామి ఉన్నారు. కాగా కాగజ్‌నగర్ రైల్వేస్టేషన్ తనిఖీ వాయిదా పడింది.

12న పాఠశాలల క్రీడా ఎంపిక పోటీలు

ఆదిలాబాద్ (జనంసాక్షి): జిల్లా పాఠశాల క్రీడాసమాఖ్య ఆధ్వర్యంలో ఈనెల 12న రామకృష్ణాపూర్‌లో నెట్‌బాల్ అండర్-14, 17 బాలబాలికలకు జిల్లాస్థాయి ఎంపిక పోటీలు నిర్వహిస్తున్నట్లు సమాఖ్య నిర్వాహక కార్యదర్శి కె.సుభాష్ పేర్కొన్నారు. ఈ పోటీలు సెయింట్ జోసెఫ్ కాన్వెంట్ హైస్కూల్ జరుగుతాయని, ఆసక్తి ఉన్న విద్యార్థులు తమ ఆరత ధ్రువీకరణ పత్రాలను కన్వీనర్ సారంగారావు, వ్యాయామ ఉపాధ్యాయుడు కె.శ్రీనివాస్‌లకు అందజేయాలని సూచించారు.16న నిర్మల్‌లోని ఎన్టీఆర్ స్టేడియంలో ఖోఖో అండర్-14 బాలబాలికలకు జిల్లాస్థాయి ఎంపిక పోటీలు ఉంటాయని, పోటీలో పాల్గొనే విద్యార్థులు కన్వీనర్ జనార్దన్‌కు రిపోర్టు చేయాలన్నారు. ప్రతి పాఠశాల నుంచి ఇద్దరేసి చొప్పున క్రీడాకారులు ఎంపిక పోటీలకు హాజరు కావాలని సమాఖ్య కార్యదర్శి సుభాష్ సూచించారు.

వికలాంగులను వివాహమాడితే ప్రోత్సాహకం

పాలనాప్రాంగణం,(జనంసాక్షి): వికలాంగ మహిళలను సకలాంగులు వివాహం చేసుకుంటే అలాంటి జంటలకు ప్రభుత్వం తరఫున నగదు ప్రోత్సాహకం అందిస్తామని జిల్లాపాలనాధికారి జగన్మోహన్ పేర్కొన్నారు. మంగళవారం తన క్యాంపు కార్యాలయంలో పలుజంటలకు రూ.50 వేల చొప్పున 45 మందికి చెక్కులను అందజేశారు. ఈ సందర్భంగా పాలనాధికారి మాట్లాడుతూ వికలాంగులకు ప్రభుత్వం ఎన్నో సదుపాయాలు కల్పిస్తోందని వాటిని సద్వినియోగం చేసుకోవాలని పిలుపునిచ్చారు. వికలాంగులు మనోధైర్యం కోల్పోకుండా అవకాశాలను అందిపుచ్చుకుని ప్రభుత్వ తోడ్పాటును పొందాలని ఆకాంక్షించారు. ప్రోత్సాహకాలు జిల్లాలో 195 మందికి మంజూరయ్యాయని, త్వరలో మిగిలినవారికి నగదు ప్రోత్సాహకాలు అందిస్తామన్నారు. ఈ కార్యక్రమంలో డ్వామా పీడీ అరుణకుమారి, వికలాంగులసంక్షేమశాఖాధికారి వెంకటేశ్వర్లు, పర్యవేక్షకులు రవూఫ్‌ఖాన్ తదితరులు పాల్గొన్నారు.

పేద విద్యార్థులకు దుప్పట్లు పంపిణీ

మధిర, (జనంసాక్షి): మండల ఆర్యవైశ్య సంఘం ఆధ్వర్యంలో ఎన్జీవోస్ కాలనీలోని ప్రాథమికోన్నత పాఠశాలలో చదువుతున్న 140మంది పేద విద్యార్థులకు గురువారం దుప్పట్లు పంపిణీ చేశారు. మండల విద్యా శాఖాధికారి వై.ప్రభాకర్ అధ్యక్షతన ఈ కార్యక్రమం జరిగింది. ఈ సందర్భంగా మండల విద్యాశాఖాధికారి మాట్లాడుతూ... ఆర్యవైశ్యులు సేవా కార్యక్రమాలు చేపట్టడం అభినందనీయమన్నారు. కార్యక్రమంలో వాసవీ మాత ఆలయ ఛైర్మన్ జగన్మోహన్‌రావు, పేద విద్యార్థుల సహాయ సంఘం అధ్యక్షులు సూరి, వార్డు కౌన్సిలర్ లక్ష్మి తదితరులు పాల్గొన్నారు.

మరుగుదొడ్ల నిర్మాణపనులను వేగవంతం చేయండి

కామేపల్లి: మరుగుదొడ్ల నిర్మాణ పనులను వేగవంతం చేయాలని జిల్లా వికలాంగుల సంక్షేమ శాఖ అధికారి మున్నయ్య అన్నారు. గురువారం మండలంలోని కెప్టెన్ బజార్ గ్రామంలో మరుగుదొడ్ల నిర్మాణపనులను ఆయన క్షేత్రస్థాయిలో తిరిగి పరిశీలించారు. ఈ సందర్భంగా ఆయన లబ్దిదారులతో మాట్లాడుతూ... పనులు వేగవంతంగా పూర్తి చేయాలని ఏవైనా సమస్యలుంటే తమ దృష్టికి తీసుకురావాలని సూచించారు. కార్యక్రమంలో ఎంపీడీవో వెంకటరమణ, ఎంపీపీ హరిరాం, సర్పంచి రవి పాల్గొన్నారు.
